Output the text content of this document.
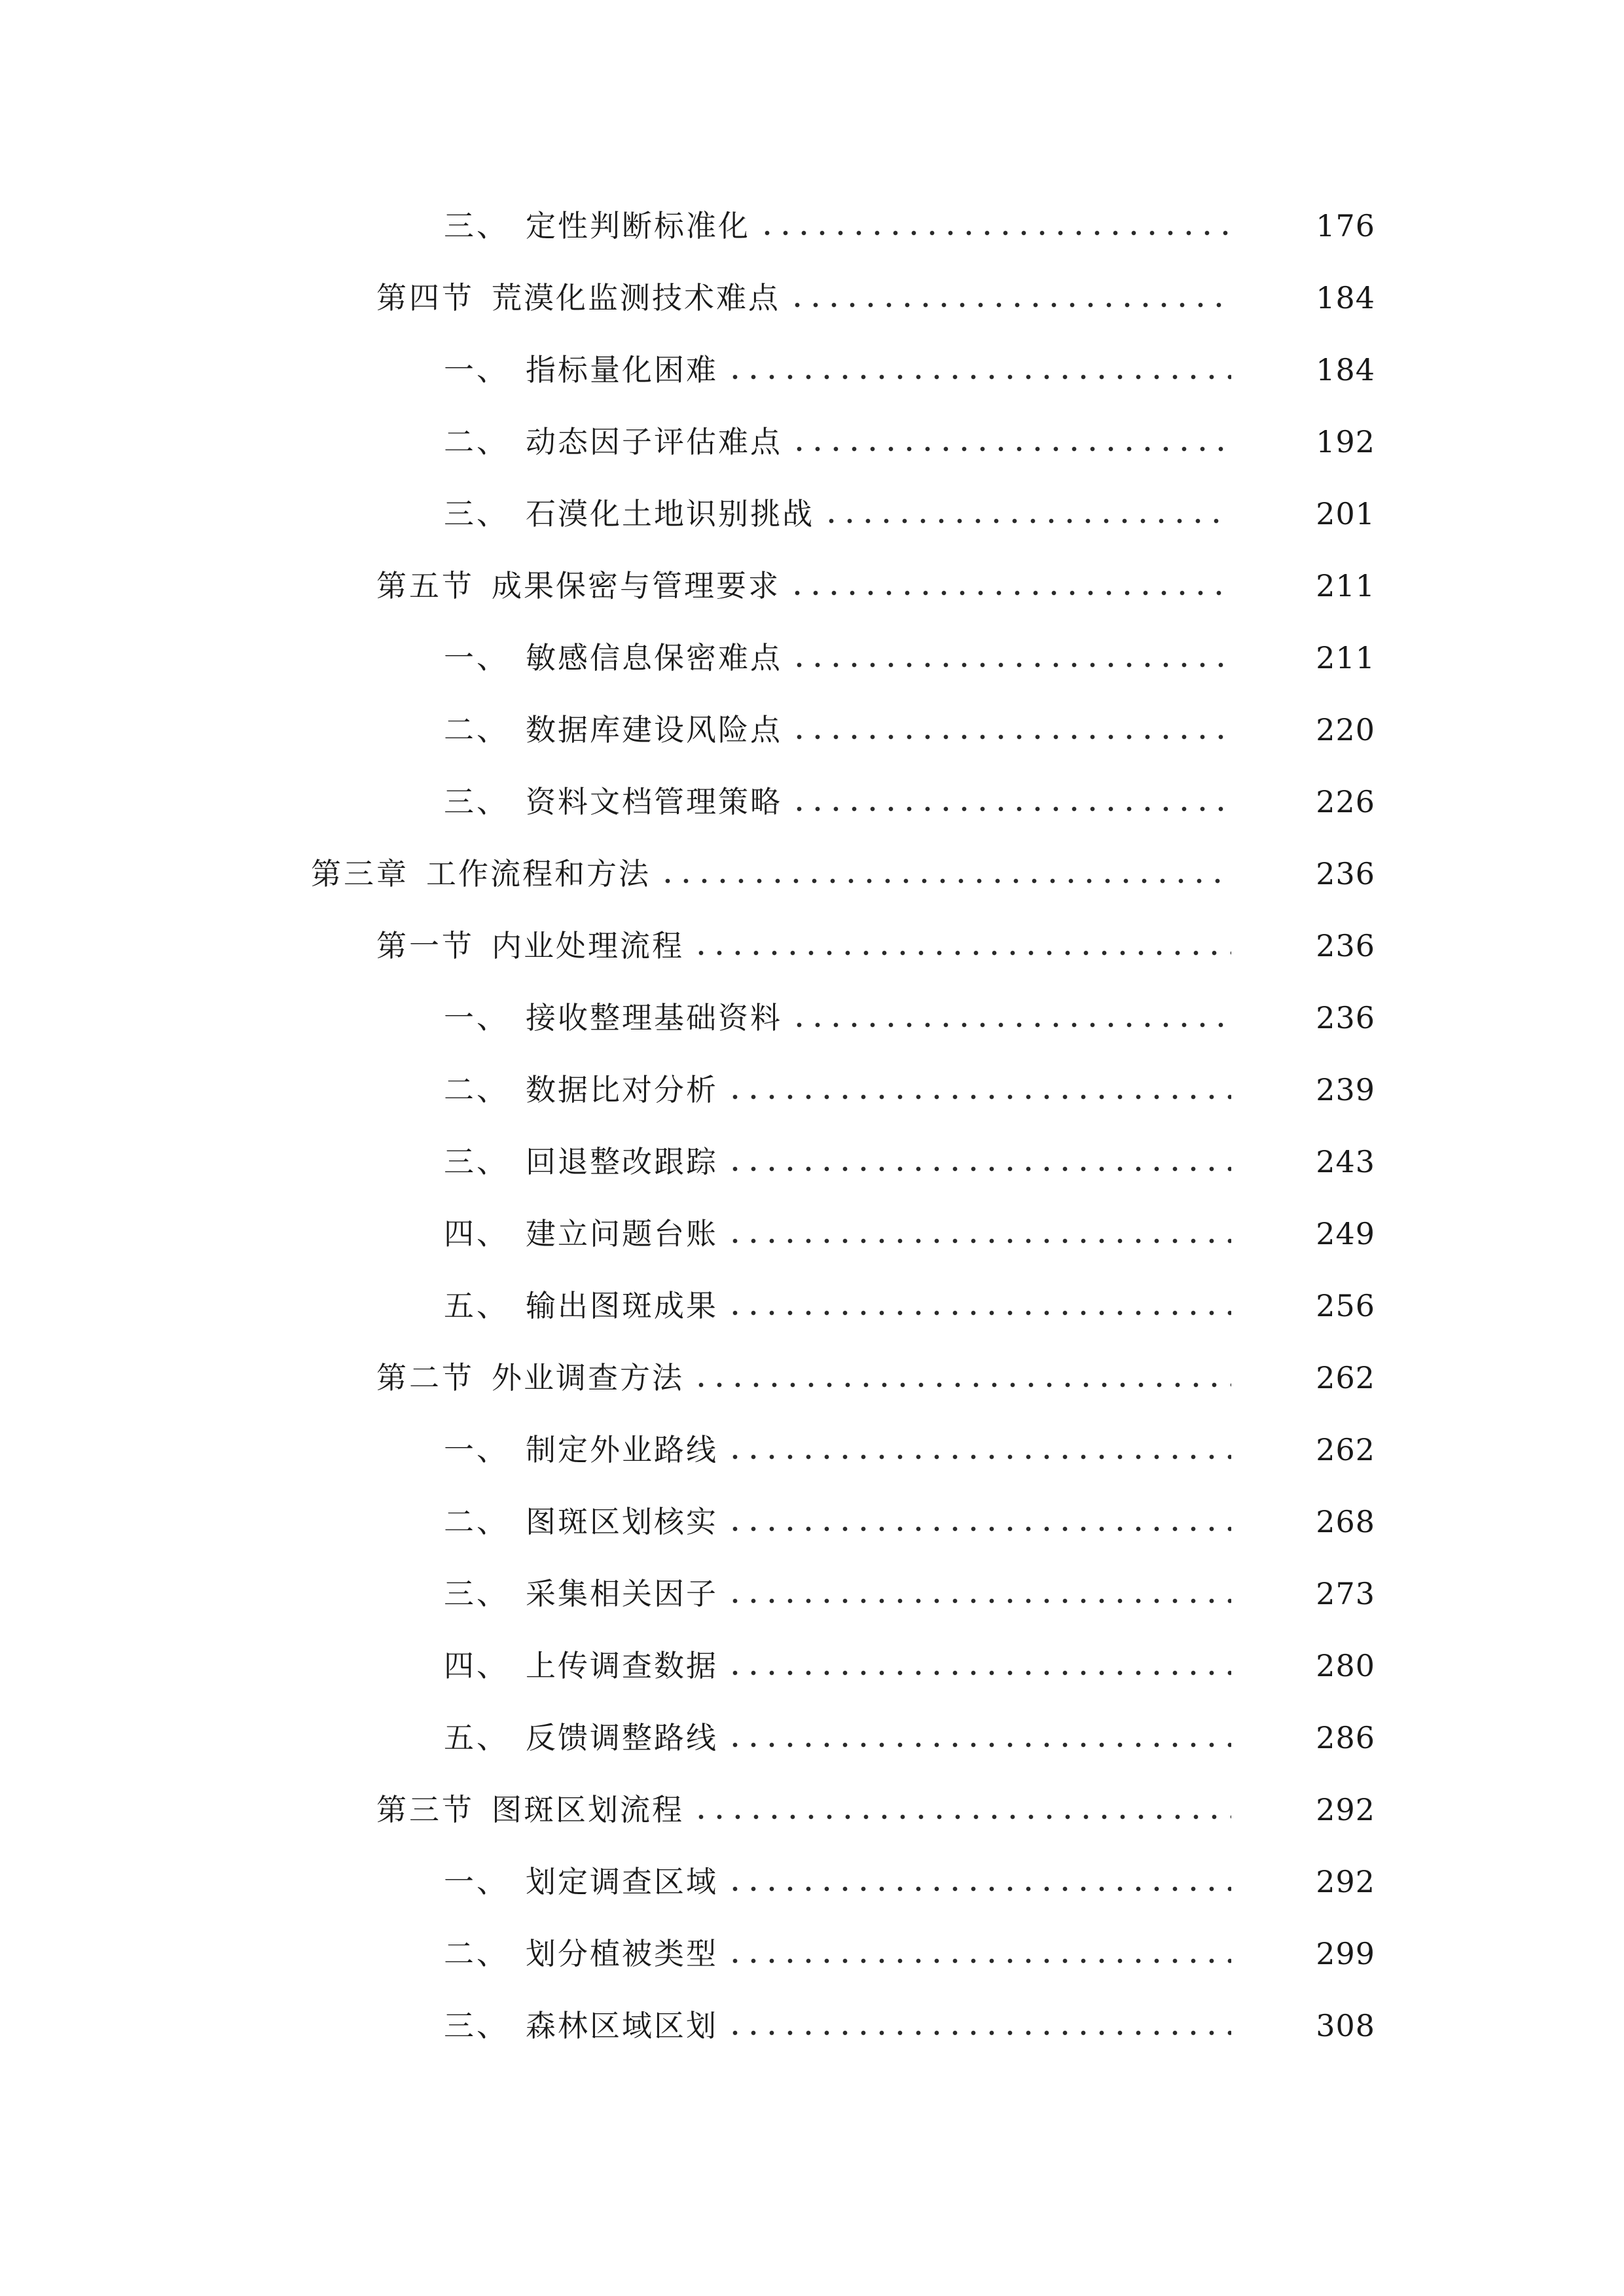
三、 定性判断标准化	176
第四节 荒漠化监测技术难点	184
一、 指标量化困难	184
二、 动态因子评估难点	192
三、 石漠化土地识别挑战	201
第五节 成果保密与管理要求	211
一、 敏感信息保密难点	211
二、 数据库建设风险点	220
三、 资料文档管理策略	226
第三章 工作流程和方法	236
第一节 内业处理流程	236
一、 接收整理基础资料	236
二、 数据比对分析	239
三、 回退整改跟踪	243
四、 建立问题台账	249
五、 输出图斑成果	256
第二节 外业调查方法	262
一、 制定外业路线	262
二、 图斑区划核实	268
三、 采集相关因子	273
四、 上传调查数据	280
五、 反馈调整路线	286
第三节 图斑区划流程	292
一、 划定调查区域	292
二、 划分植被类型	299
三、 森林区域区划	308
